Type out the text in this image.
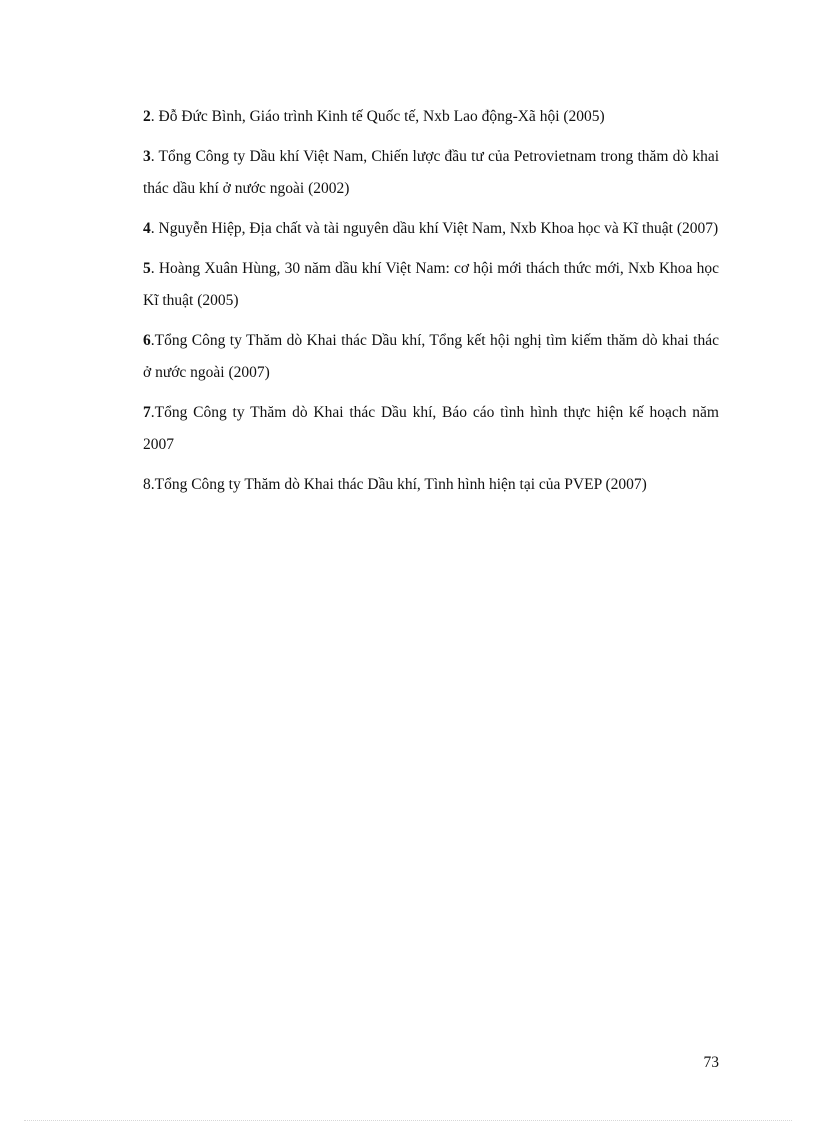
2. Đỗ Đức Bình, Giáo trình Kinh tế Quốc tế, Nxb Lao động-Xã hội (2005)

3. Tổng Công ty Dầu khí Việt Nam, Chiến lược đầu tư của Petrovietnam trong thăm dò khai thác dầu khí ở nước ngoài (2002)

4. Nguyễn Hiệp, Địa chất và tài nguyên dầu khí Việt Nam, Nxb Khoa học và Kĩ thuật (2007)

5. Hoàng Xuân Hùng, 30 năm dầu khí Việt Nam: cơ hội mới thách thức mới, Nxb Khoa học Kĩ thuật (2005)

6.Tổng Công ty Thăm dò Khai thác Dầu khí, Tổng kết hội nghị tìm kiếm thăm dò khai thác ở nước ngoài (2007)

7.Tổng Công ty Thăm dò Khai thác Dầu khí, Báo cáo tình hình thực hiện kế hoạch năm 2007

8.Tổng Công ty Thăm dò Khai thác Dầu khí, Tình hình hiện tại của PVEP (2007)

73
